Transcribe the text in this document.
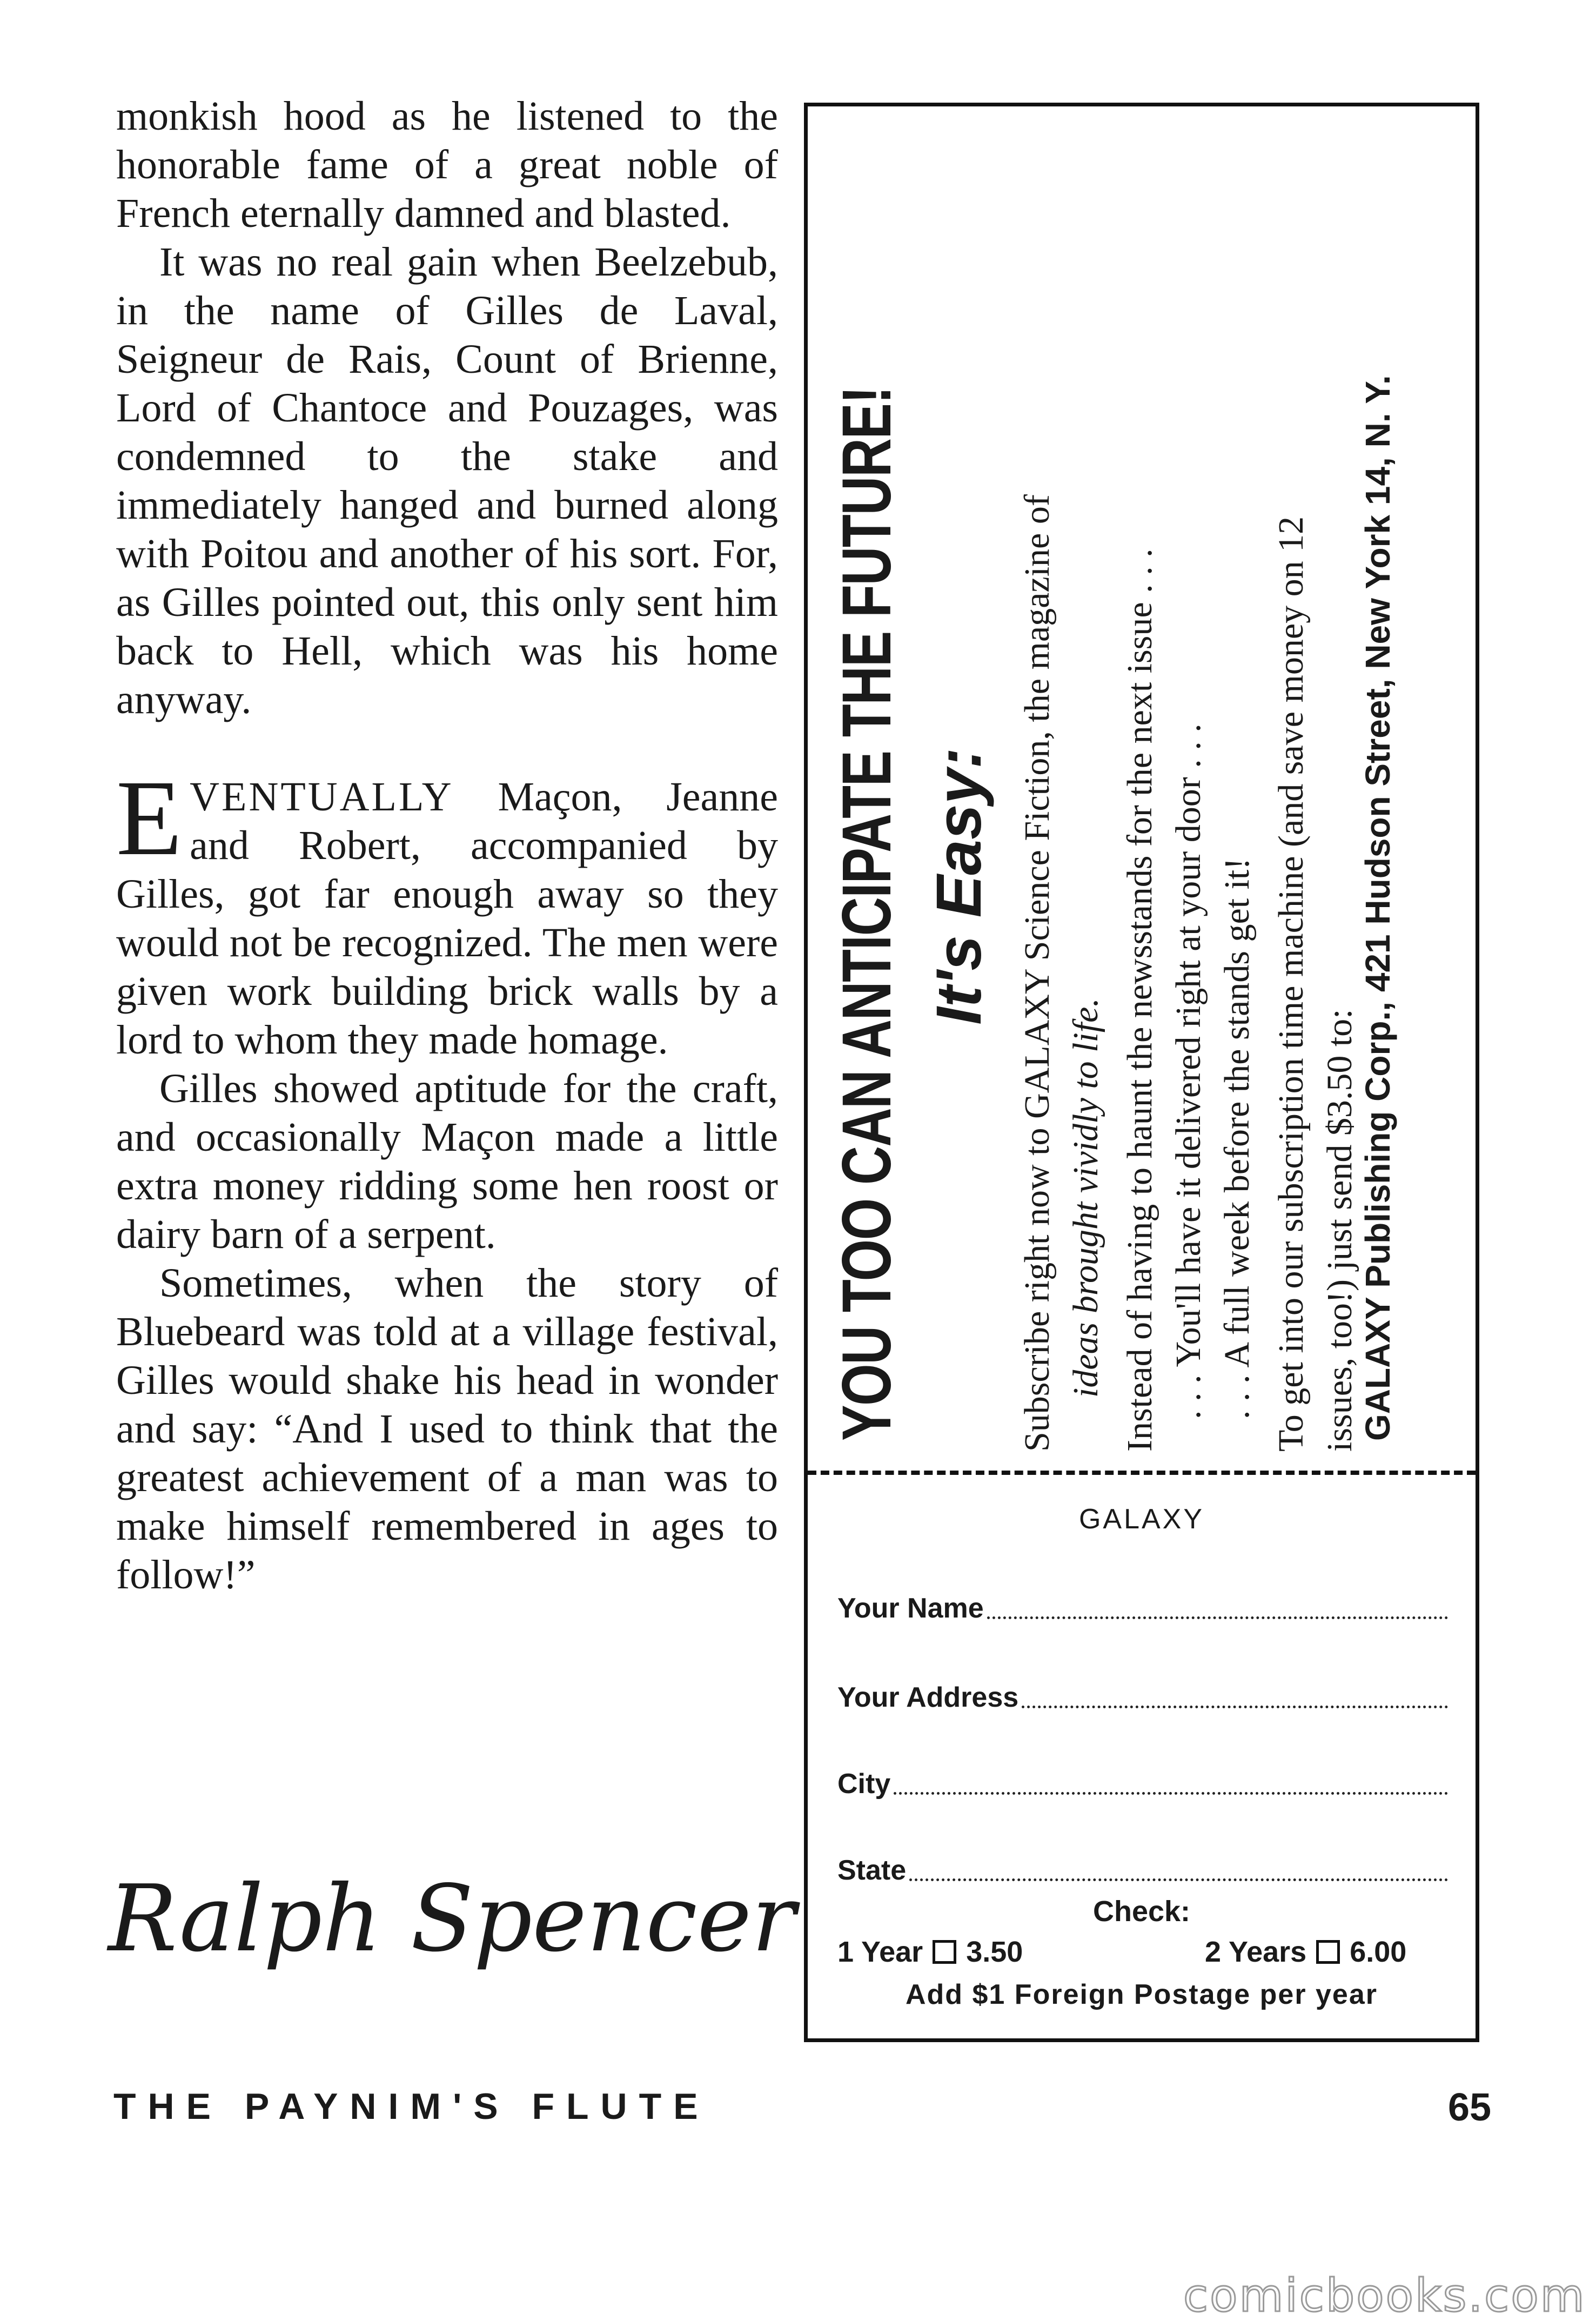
monkish hood as he listened to the honorable fame of a great noble of French eternally damned and blasted.

It was no real gain when Beelzebub, in the name of Gilles de Laval, Seigneur de Rais, Count of Brienne, Lord of Chantoce and Pouzages, was condemned to the stake and immediately hanged and burned along with Poitou and another of his sort. For, as Gilles pointed out, this only sent him back to Hell, which was his home anyway.

EVENTUALLY Maçon, Jeanne and Robert, accompanied by Gilles, got far enough away so they would not be recognized. The men were given work building brick walls by a lord to whom they made homage.

Gilles showed aptitude for the craft, and occasionally Maçon made a little extra money ridding some hen roost or dairy barn of a serpent.

Sometimes, when the story of Bluebeard was told at a village festival, Gilles would shake his head in wonder and say: “And I used to think that the greatest achievement of a man was to make himself remembered in ages to follow!”

Ralph Spencer
YOU TOO CAN ANTICIPATE THE FUTURE! It's Easy: Subscribe right now to GALAXY Science Fiction, the magazine of ideas brought vividly to life. Instead of having to haunt the newsstands for the next issue . . . . . . You'll have it delivered right at your door . . . . . . A full week before the stands get it! To get into our subscription time machine (and save money on 12 issues, too!) just send $3.50 to:
GALAXY Publishing Corp., 421 Hudson Street, New York 14, N. Y.
GALAXY
Your Name
Your Address
City
State
Check:
1 Year 3.50	2 Years 6.00
Add $1 Foreign Postage per year
THE PAYNIM'S FLUTE	65
comicbooks.com
